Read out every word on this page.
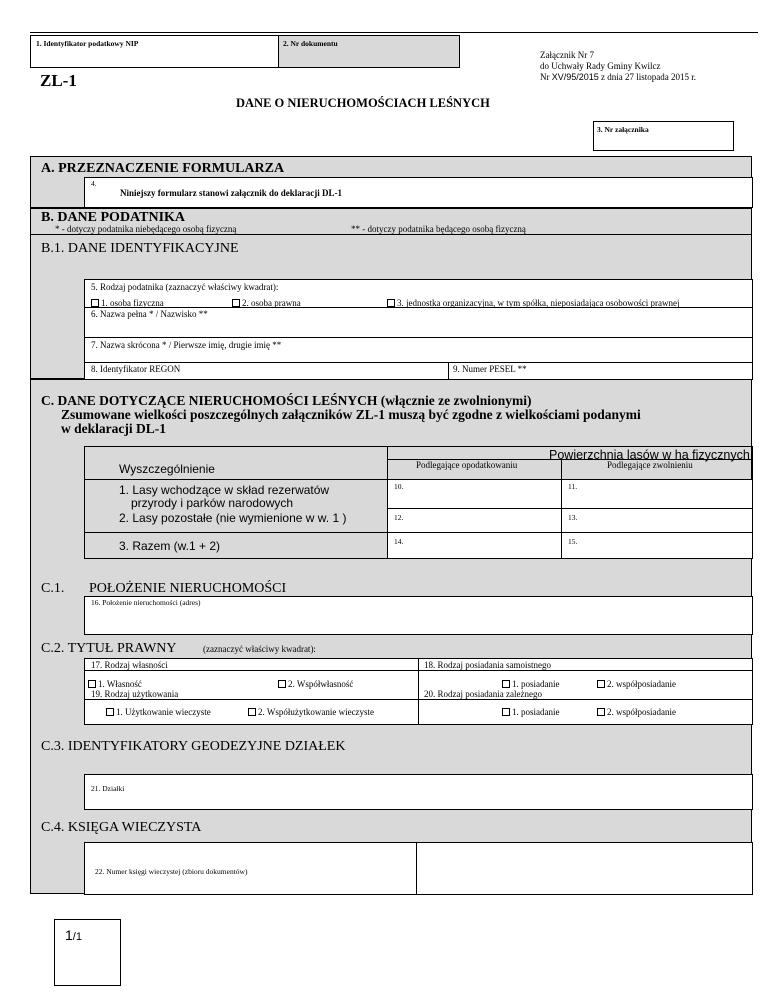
1. Identyfikator podatkowy NIP	2. Nr dokumentu
ZL-1
Załącznik Nr 7
do Uchwały Rady Gminy Kwilcz
Nr XV/95/2015 z dnia 27 listopada 2015 r.
DANE O NIERUCHOMOŚCIACH LEŚNYCH
3. Nr załącznika
A. PRZEZNACZENIE FORMULARZA
4.
Niniejszy formularz stanowi załącznik do deklaracji DL-1
B. DANE PODATNIKA
* - dotyczy podatnika niebędącego osobą fizyczną	** - dotyczy podatnika będącego osobą fizyczną
B.1. DANE IDENTYFIKACYJNE
5. Rodzaj podatnika (zaznaczyć właściwy kwadrat):
1. osoba fizyczna	2. osoba prawna	3. jednostka organizacyjna, w tym spółka, nieposiadająca osobowości prawnej
6. Nazwa pełna * / Nazwisko **
7. Nazwa skrócona * / Pierwsze imię, drugie imię **
8. Identyfikator REGON	9. Numer PESEL **
C. DANE DOTYCZĄCE NIERUCHOMOŚCI LEŚNYCH (włącznie ze zwolnionymi)
Zsumowane wielkości poszczególnych załączników ZL-1 muszą być zgodne z wielkościami podanymi
w deklaracji DL-1
Powierzchnia lasów w ha fizycznych
Podlegające opodatkowaniu	Podlegające zwolnieniu
Wyszczególnienie
1. Lasy wchodzące w skład rezerwatów
przyrody i parków narodowych
10.	11.
2. Lasy pozostałe (nie wymienione w w. 1 )	12.	13.
3. Razem (w.1 + 2)	14.	15.
C.1. POŁOŻENIE NIERUCHOMOŚCI
16. Położenie nieruchomości (adres)
C.2. TYTUŁ PRAWNY	(zaznaczyć właściwy kwadrat):
17. Rodzaj własności	18. Rodzaj posiadania samoistnego
1. Własność	2. Współwłasność	1. posiadanie	2. współposiadanie
19. Rodzaj użytkowania	20. Rodzaj posiadania zależnego
1. Użytkowanie wieczyste	2. Współużytkowanie wieczyste	1. posiadanie	2. współposiadanie
C.3. IDENTYFIKATORY GEODEZYJNE DZIAŁEK
21. Działki
C.4. KSIĘGA WIECZYSTA
22. Numer księgi wieczystej (zbioru dokumentów)
1/1
